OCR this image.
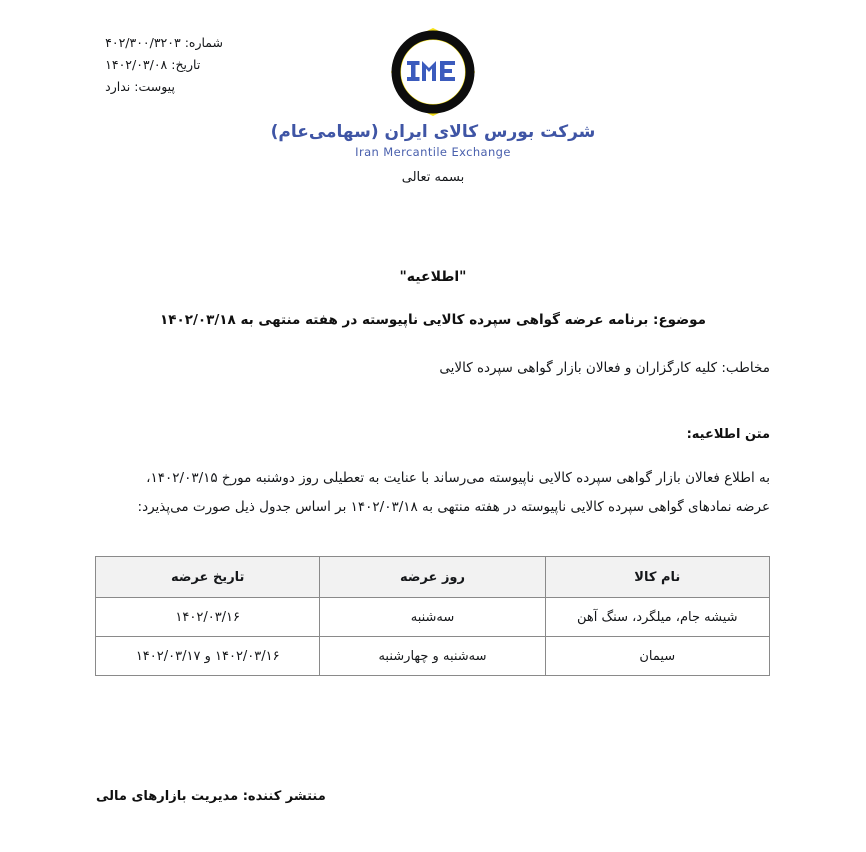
شماره: ۴۰۲/۳۰۰/۳۲۰۳
تاریخ: ۱۴۰۲/۰۳/۰۸
پیوست: ندارد
شرکت بورس کالای ایران (سهامی‌عام)
Iran Mercantile Exchange
بسمه تعالی
"اطلاعیه"
موضوع: برنامه عرضه گواهی سپرده کالایی ناپیوسته در هفته منتهی به ۱۴۰۲/۰۳/۱۸
مخاطب: کلیه کارگزاران و فعالان بازار گواهی سپرده کالایی
متن اطلاعیه:

به اطلاع فعالان بازار گواهی سپرده کالایی ناپیوسته می‌رساند با عنایت به تعطیلی روز دوشنبه مورخ ۱۴۰۲/۰۳/۱۵،

عرضه نمادهای گواهی سپرده کالایی ناپیوسته در هفته منتهی به ۱۴۰۲/۰۳/۱۸ بر اساس جدول ذیل صورت می‌پذیرد:

نام کالا	روز عرضه	تاریخ عرضه
شیشه جام، میلگرد، سنگ آهن	سه‌شنبه	۱۴۰۲/۰۳/۱۶
سیمان	سه‌شنبه و چهارشنبه	۱۴۰۲/۰۳/۱۶ و ۱۴۰۲/۰۳/۱۷
منتشر کننده: مدیریت بازارهای مالی
